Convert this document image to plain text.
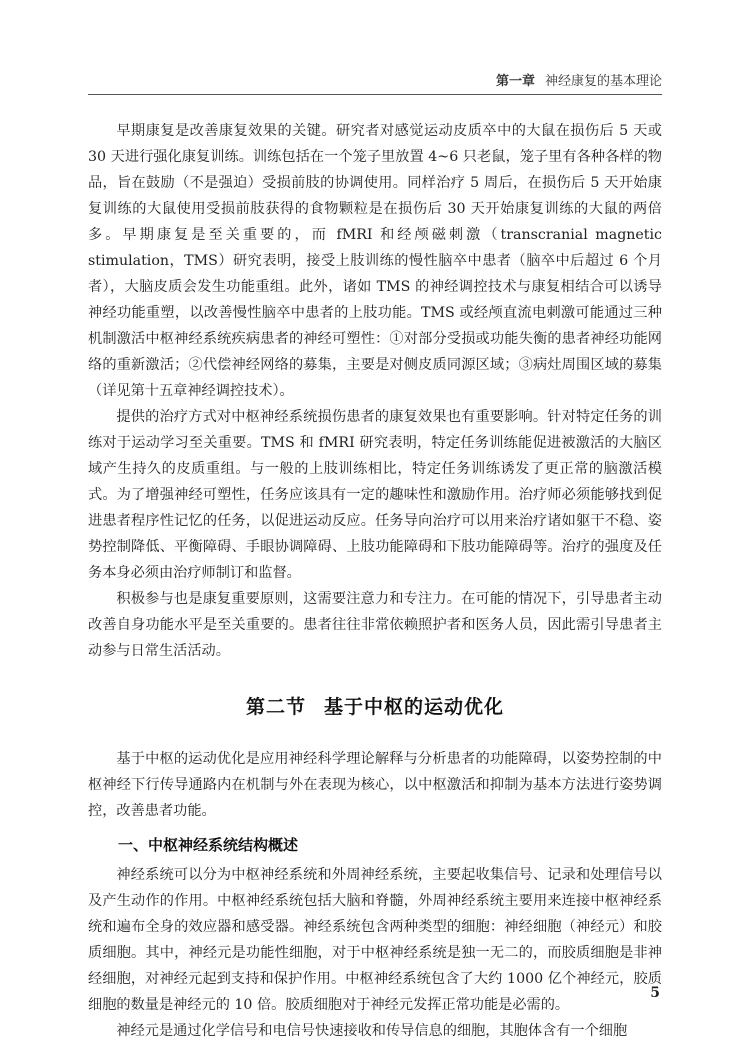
第一章 神经康复的基本理论

早期康复是改善康复效果的关键。研究者对感觉运动皮质卒中的大鼠在损伤后 5 天或 30 天进行强化康复训练。训练包括在一个笼子里放置 4~6 只老鼠，笼子里有各种各样的物品，旨在鼓励（不是强迫）受损前肢的协调使用。同样治疗 5 周后，在损伤后 5 天开始康复训练的大鼠使用受损前肢获得的食物颗粒是在损伤后 30 天开始康复训练的大鼠的两倍多。早期康复是至关重要的，而 fMRI 和经颅磁刺激（transcranial magnetic stimulation，TMS）研究表明，接受上肢训练的慢性脑卒中患者（脑卒中后超过 6 个月者），大脑皮质会发生功能重组。此外，诸如 TMS 的神经调控技术与康复相结合可以诱导神经功能重塑，以改善慢性脑卒中患者的上肢功能。TMS 或经颅直流电刺激可能通过三种机制激活中枢神经系统疾病患者的神经可塑性：①对部分受损或功能失衡的患者神经功能网络的重新激活；②代偿神经网络的募集，主要是对侧皮质同源区域；③病灶周围区域的募集（详见第十五章神经调控技术）。

提供的治疗方式对中枢神经系统损伤患者的康复效果也有重要影响。针对特定任务的训练对于运动学习至关重要。TMS 和 fMRI 研究表明，特定任务训练能促进被激活的大脑区域产生持久的皮质重组。与一般的上肢训练相比，特定任务训练诱发了更正常的脑激活模式。为了增强神经可塑性，任务应该具有一定的趣味性和激励作用。治疗师必须能够找到促进患者程序性记忆的任务，以促进运动反应。任务导向治疗可以用来治疗诸如躯干不稳、姿势控制降低、平衡障碍、手眼协调障碍、上肢功能障碍和下肢功能障碍等。治疗的强度及任务本身必须由治疗师制订和监督。

积极参与也是康复重要原则，这需要注意力和专注力。在可能的情况下，引导患者主动改善自身功能水平是至关重要的。患者往往非常依赖照护者和医务人员，因此需引导患者主动参与日常生活活动。

第二节 基于中枢的运动优化

基于中枢的运动优化是应用神经科学理论解释与分析患者的功能障碍，以姿势控制的中枢神经下行传导通路内在机制与外在表现为核心，以中枢激活和抑制为基本方法进行姿势调控，改善患者功能。

一、中枢神经系统结构概述

神经系统可以分为中枢神经系统和外周神经系统，主要起收集信号、记录和处理信号以及产生动作的作用。中枢神经系统包括大脑和脊髓，外周神经系统主要用来连接中枢神经系统和遍布全身的效应器和感受器。神经系统包含两种类型的细胞：神经细胞（神经元）和胶质细胞。其中，神经元是功能性细胞，对于中枢神经系统是独一无二的，而胶质细胞是非神经细胞，对神经元起到支持和保护作用。中枢神经系统包含了大约 1000 亿个神经元，胶质细胞的数量是神经元的 10 倍。胶质细胞对于神经元发挥正常功能是必需的。

神经元是通过化学信号和电信号快速接收和传导信息的细胞，其胞体含有一个细胞

5
